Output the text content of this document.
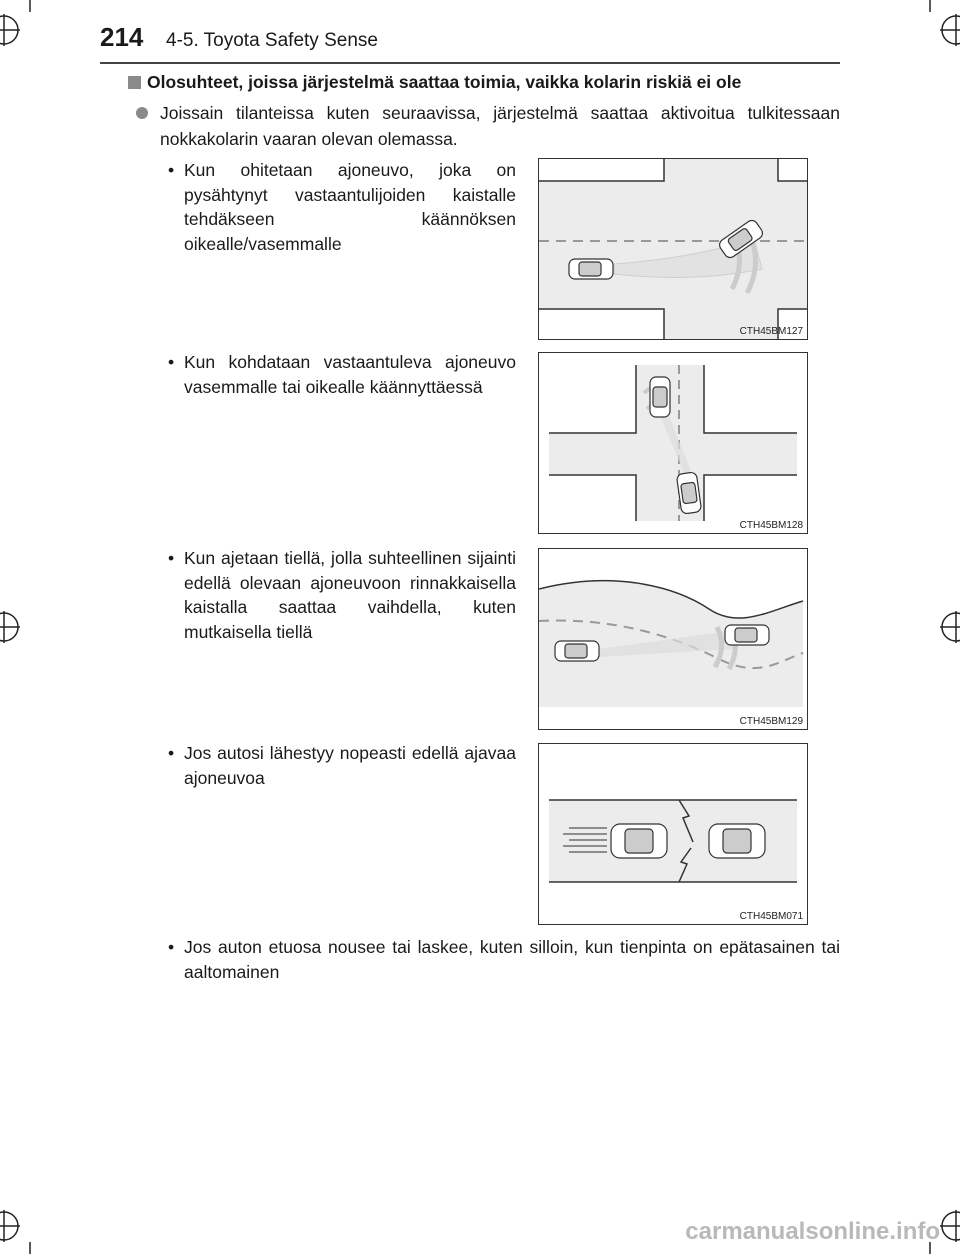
214 4-5. Toyota Safety Sense
Olosuhteet, joissa järjestelmä saattaa toimia, vaikka kolarin riskiä ei ole
Joissain tilanteissa kuten seuraavissa, järjestelmä saattaa aktivoitua tulkitessaan nokkakolarin vaaran olevan olemassa.
• Kun ohitetaan ajoneuvo, joka on pysähtynyt vastaantulijoiden kaistalle tehdäkseen käännöksen oikealle/vasemmalle
CTH45BM127
• Kun kohdataan vastaantuleva ajoneuvo vasemmalle tai oikealle käännyttäessä
CTH45BM128
• Kun ajetaan tiellä, jolla suhteellinen sijainti edellä olevaan ajoneuvoon rinnakkaisella kaistalla saattaa vaihdella, kuten mutkaisella tiellä
CTH45BM129
• Jos autosi lähestyy nopeasti edellä ajavaa ajoneuvoa
CTH45BM071
• Jos auton etuosa nousee tai laskee, kuten silloin, kun tienpinta on epätasainen tai aaltomainen
carmanualsonline.info
